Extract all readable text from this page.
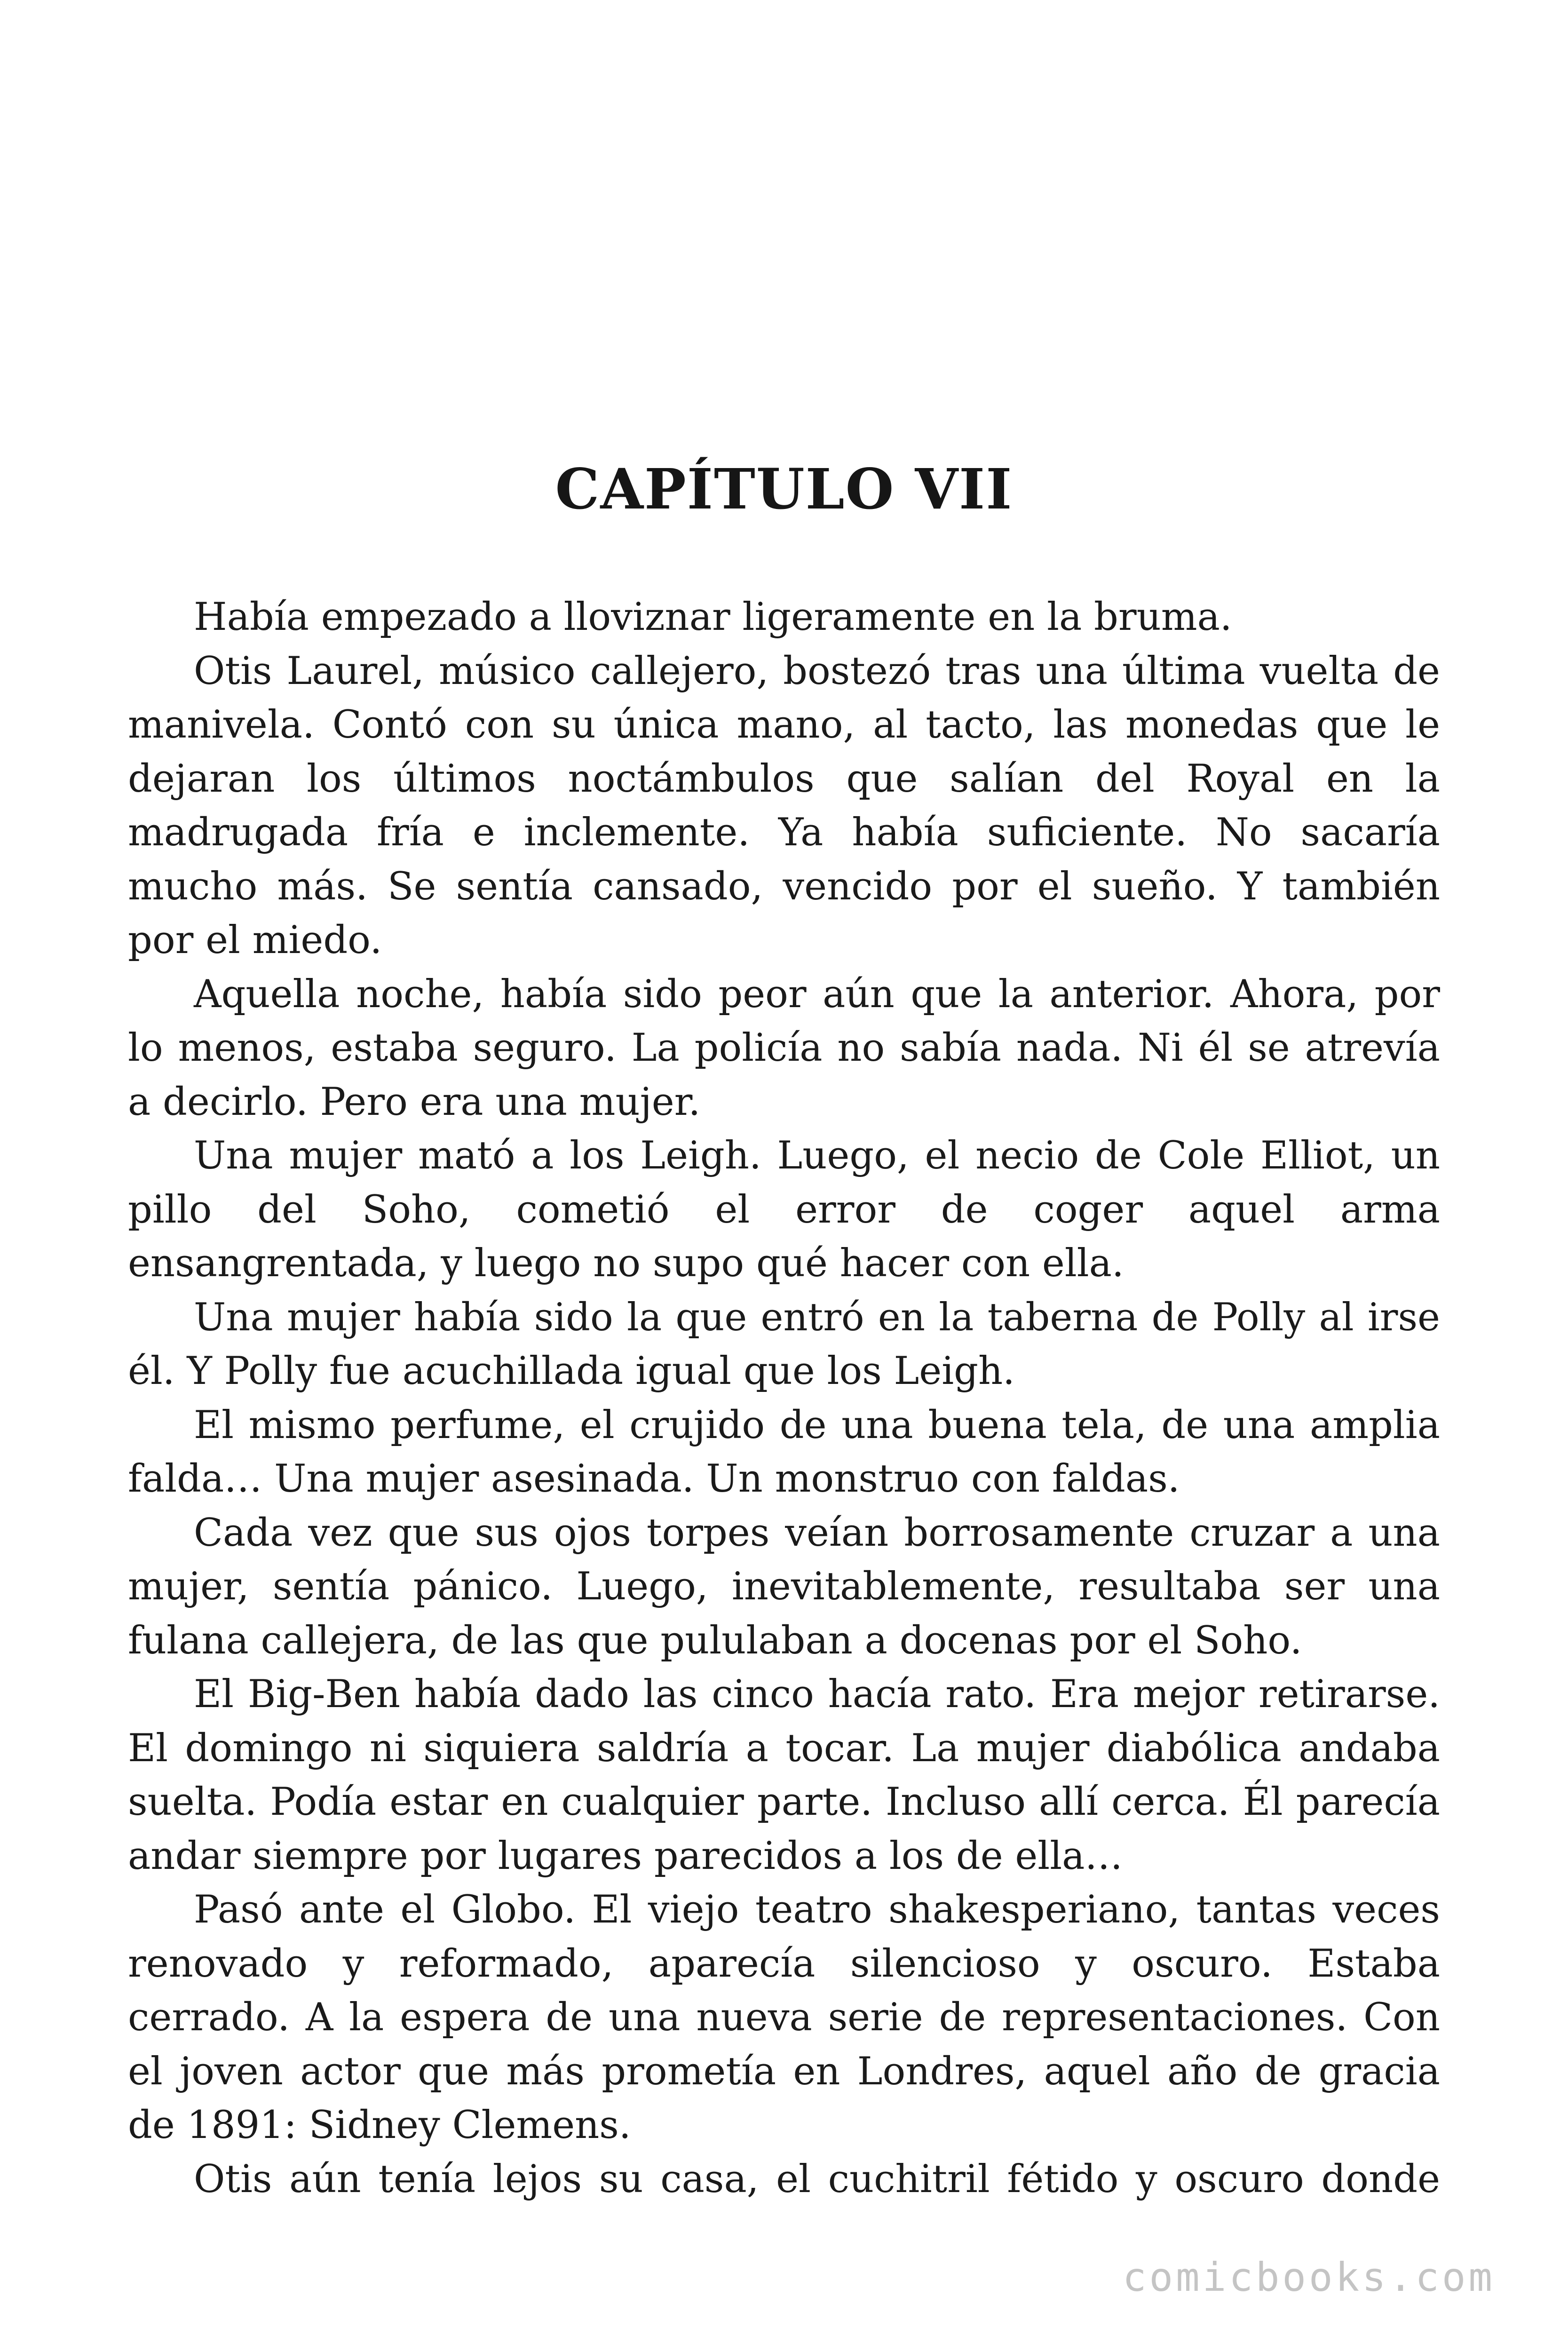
CAPÍTULO VII

Había empezado a lloviznar ligeramente en la bruma.

Otis Laurel, músico callejero, bostezó tras una última vuelta de manivela. Contó con su única mano, al tacto, las monedas que le dejaran los últimos noctámbulos que salían del Royal en la madrugada fría e inclemente. Ya había suficiente. No sacaría mucho más. Se sentía cansado, vencido por el sueño. Y también por el miedo.

Aquella noche, había sido peor aún que la anterior. Ahora, por lo menos, estaba seguro. La policía no sabía nada. Ni él se atrevía a decirlo. Pero era una mujer.

Una mujer mató a los Leigh. Luego, el necio de Cole Elliot, un pillo del Soho, cometió el error de coger aquel arma ensangrentada, y luego no supo qué hacer con ella.

Una mujer había sido la que entró en la taberna de Polly al irse él. Y Polly fue acuchillada igual que los Leigh.

El mismo perfume, el crujido de una buena tela, de una amplia falda… Una mujer asesinada. Un monstruo con faldas.

Cada vez que sus ojos torpes veían borrosamente cruzar a una mujer, sentía pánico. Luego, inevitablemente, resultaba ser una fulana callejera, de las que pululaban a docenas por el Soho.

El Big-Ben había dado las cinco hacía rato. Era mejor retirarse. El domingo ni siquiera saldría a tocar. La mujer diabólica andaba suelta. Podía estar en cualquier parte. Incluso allí cerca. Él parecía andar siempre por lugares parecidos a los de ella…

Pasó ante el Globo. El viejo teatro shakesperiano, tantas veces renovado y reformado, aparecía silencioso y oscuro. Estaba cerrado. A la espera de una nueva serie de representaciones. Con el joven actor que más prometía en Londres, aquel año de gracia de 1891: Sidney Clemens.

Otis aún tenía lejos su casa, el cuchitril fétido y oscuro donde

comicbooks.com
